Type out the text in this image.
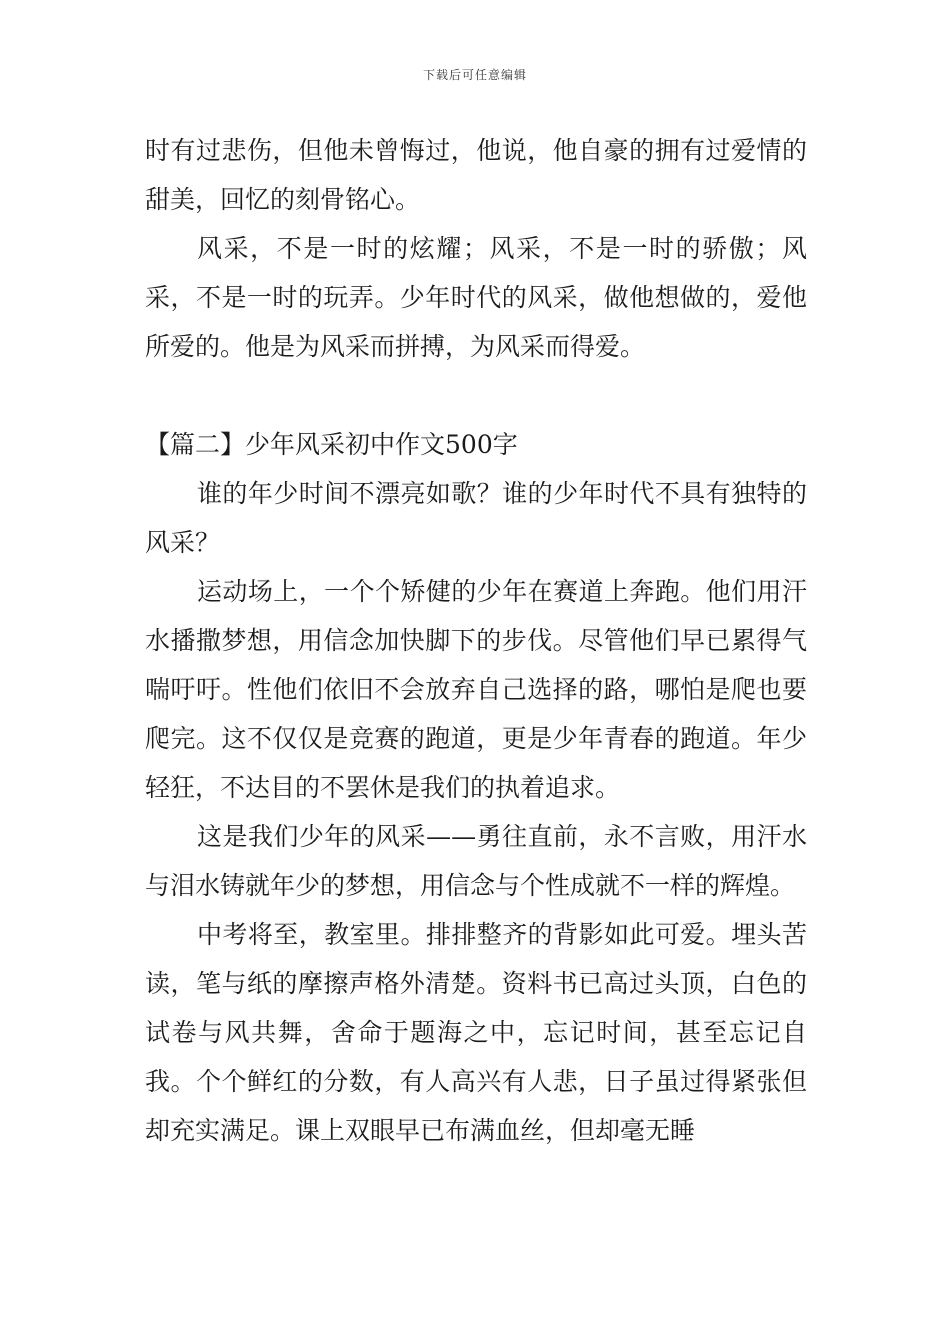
下载后可任意编辑

时有过悲伤，但他未曾悔过，他说，他自豪的拥有过爱情的甜美，回忆的刻骨铭心。

风采，不是一时的炫耀；风采，不是一时的骄傲；风采，不是一时的玩弄。少年时代的风采，做他想做的，爱他所爱的。他是为风采而拼搏，为风采而得爱。

【篇二】少年风采初中作文500字

谁的年少时间不漂亮如歌？谁的少年时代不具有独特的风采？

运动场上，一个个矫健的少年在赛道上奔跑。他们用汗水播撒梦想，用信念加快脚下的步伐。尽管他们早已累得气喘吁吁。性他们依旧不会放弃自己选择的路，哪怕是爬也要爬完。这不仅仅是竞赛的跑道，更是少年青春的跑道。年少轻狂，不达目的不罢休是我们的执着追求。

这是我们少年的风采——勇往直前，永不言败，用汗水与泪水铸就年少的梦想，用信念与个性成就不一样的辉煌。

中考将至，教室里。排排整齐的背影如此可爱。埋头苦读，笔与纸的摩擦声格外清楚。资料书已高过头顶，白色的试卷与风共舞，舍命于题海之中，忘记时间，甚至忘记自我。个个鲜红的分数，有人高兴有人悲，日子虽过得紧张但却充实满足。课上双眼早已布满血丝，但却毫无睡
